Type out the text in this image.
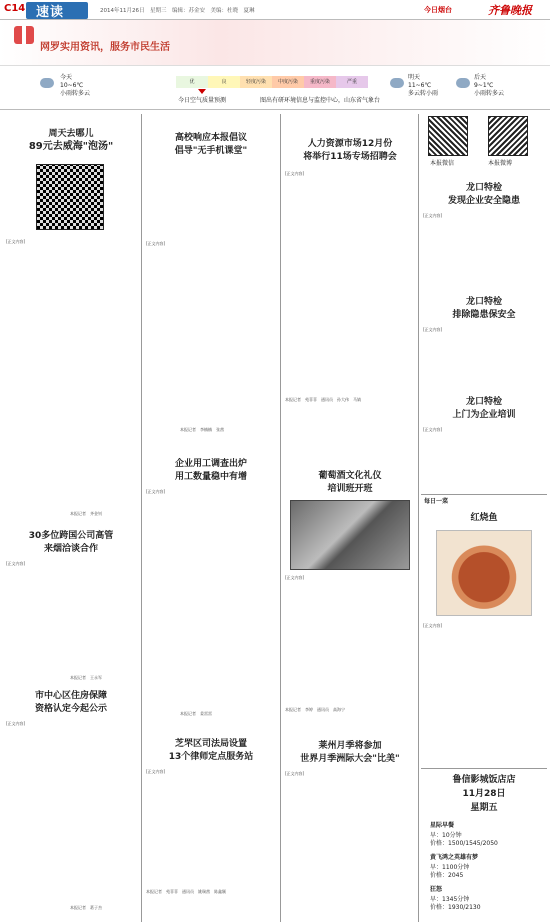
C14 速读	2014年11月26日　星期三　编辑：苏金安　美编：杜晓　夏琳	今日烟台	齐鲁晚报
网罗实用资讯，服务市民生活
今天
10~6℃
小雨转多云
优	良	轻度污染	中度污染	重度污染	严重
今日空气质量预测	图出有研环境信息与监控中心，山东省气象台
明天
11~6℃
多云转小雨
后天
9~1℃
小雨转多云
周天去哪儿
89元去威海"泡汤"
[正文内容]
本报记者　齐金钊
30多位跨国公司高管
来烟洽谈合作
[正文内容]
本报记者　王永军
市中心区住房保障
资格认定今起公示
[正文内容]
本报记者　葛子杰
高校响应本报倡议
倡导"无手机课堂"
[正文内容]
本报记者　李楠楠　张茜
企业用工调查出炉
用工数量稳中有增
[正文内容]
本报记者　姜雷雷
芝罘区司法局设置
13个律师定点服务站
[正文内容]
本报记者　苑菲菲　通讯员　姚瑞茜　陈鑫颖
人力资源市场12月份
将举行11场专场招聘会
[正文内容]
本报记者　苑菲菲　通讯员　孙大伟　马婧
葡萄酒文化礼仪
培训班开班
[正文内容]
本报记者　李婷　通讯员　高海宁
莱州月季将参加
世界月季洲际大会"比美"
[正文内容]
本报微信	本报微博
龙口特检
发现企业安全隐患
[正文内容]
龙口特检
排除隐患保安全
[正文内容]
龙口特检
上门为企业培训
[正文内容]
每日一菜
红烧鱼
[正文内容]
鲁信影城饭店店
11月28日
星期五
星际早餐
早：10分钟
价格：1500/1545/2050
黄飞鸿之英雄有梦
早：1100分钟
价格：2045
狂怒
早：1345分钟
价格：1930/2130
